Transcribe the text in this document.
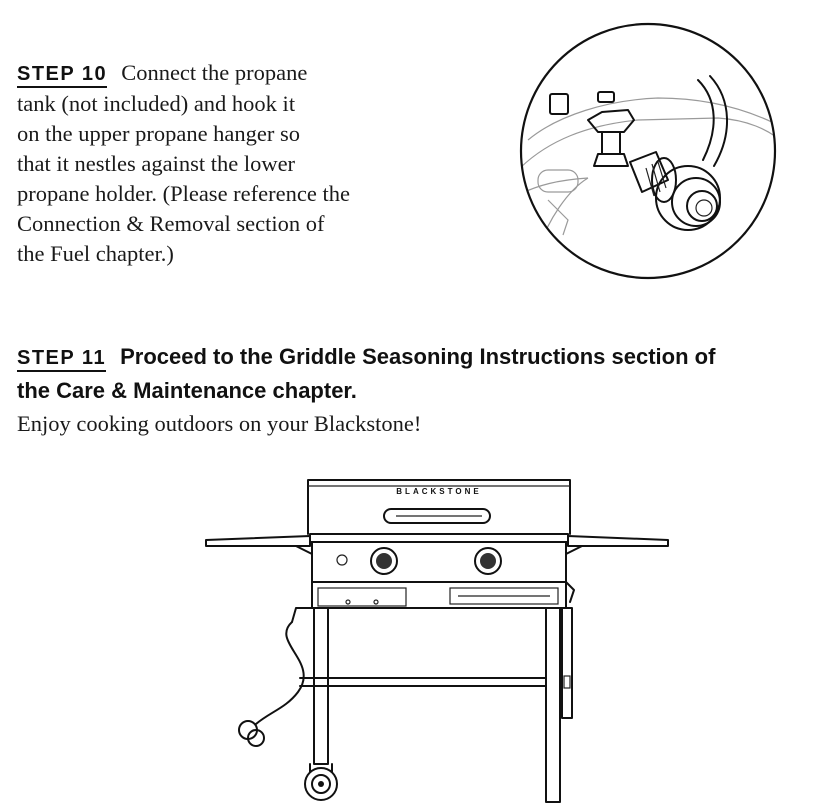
STEP 10 Connect the propane
tank (not included) and hook it
on the upper propane hanger so
that it nestles against the lower
propane holder. (Please reference the
Connection & Removal section of
the Fuel chapter.)
STEP 11 Proceed to the Griddle Seasoning Instructions section of
the Care & Maintenance chapter.
Enjoy cooking outdoors on your Blackstone!
BLACKSTONE
